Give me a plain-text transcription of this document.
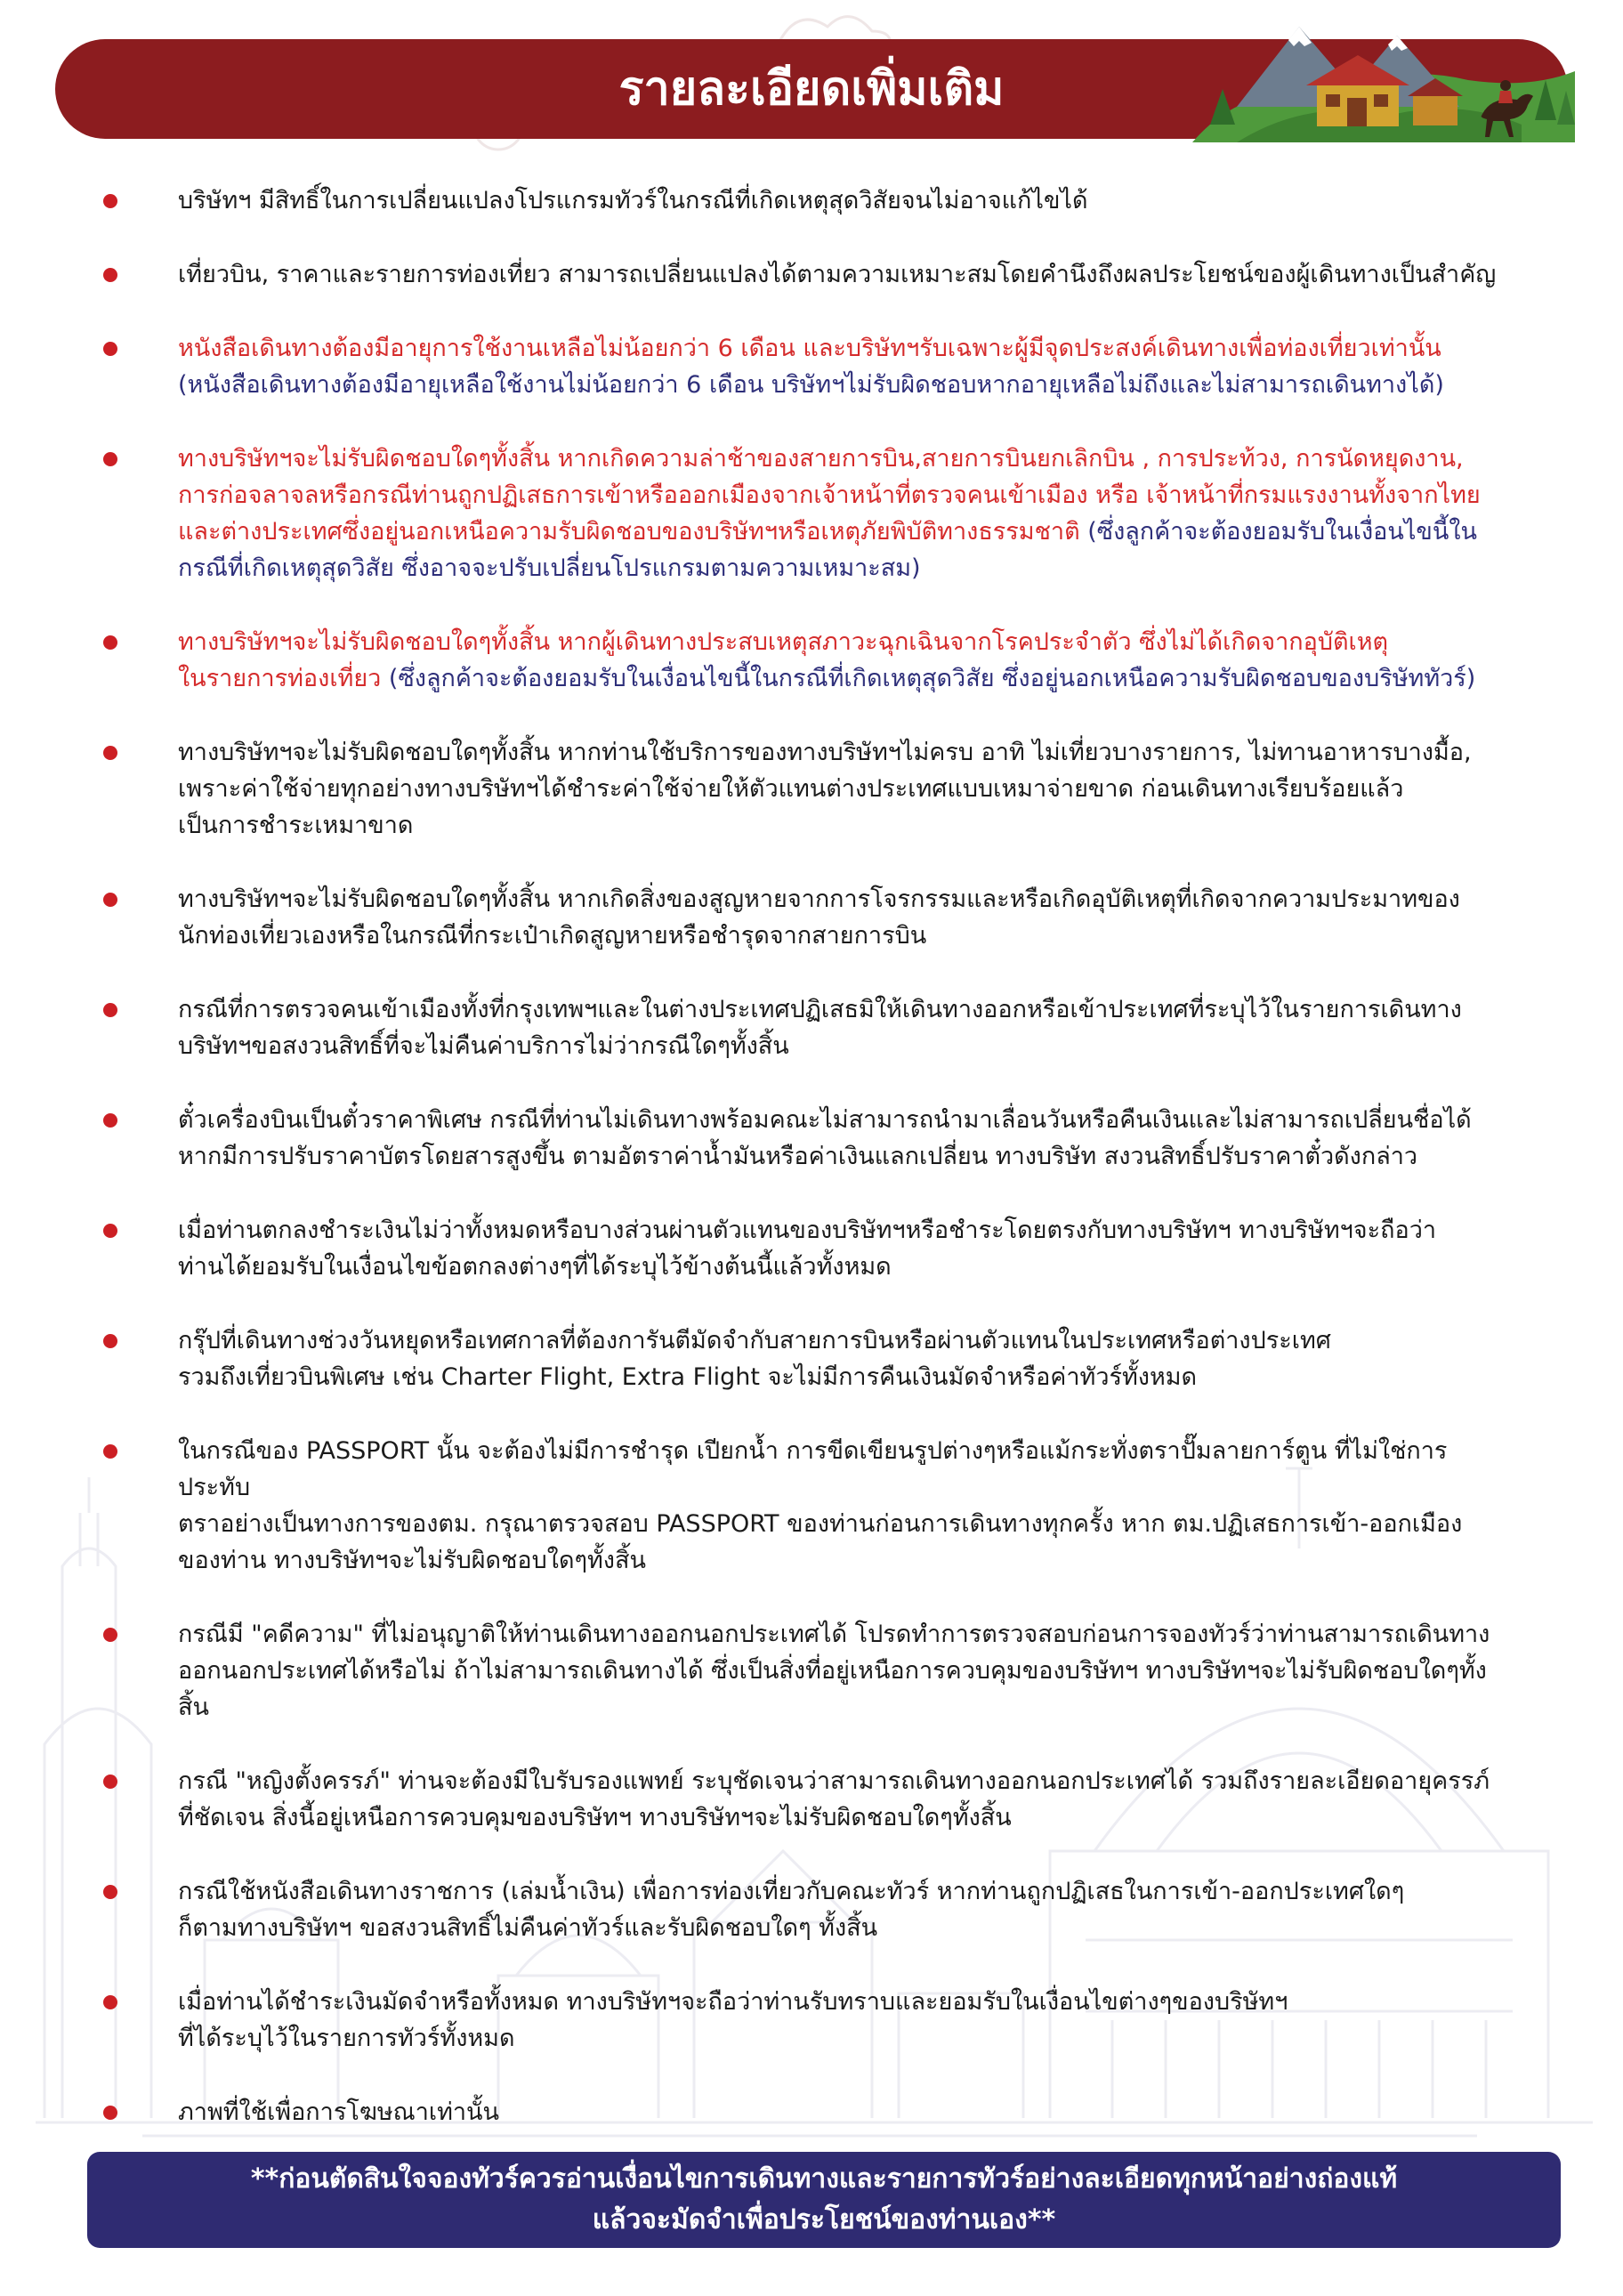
รายละเอียดเพิ่มเติม
บริษัทฯ มีสิทธิ์ในการเปลี่ยนแปลงโปรแกรมทัวร์ในกรณีที่เกิดเหตุสุดวิสัยจนไม่อาจแก้ไขได้
เที่ยวบิน, ราคาและรายการท่องเที่ยว สามารถเปลี่ยนแปลงได้ตามความเหมาะสมโดยคำนึงถึงผลประโยชน์ของผู้เดินทางเป็นสำคัญ
หนังสือเดินทางต้องมีอายุการใช้งานเหลือไม่น้อยกว่า 6 เดือน และบริษัทฯรับเฉพาะผู้มีจุดประสงค์เดินทางเพื่อท่องเที่ยวเท่านั้น
(หนังสือเดินทางต้องมีอายุเหลือใช้งานไม่น้อยกว่า 6 เดือน บริษัทฯไม่รับผิดชอบหากอายุเหลือไม่ถึงและไม่สามารถเดินทางได้)
ทางบริษัทฯจะไม่รับผิดชอบใดๆทั้งสิ้น หากเกิดความล่าช้าของสายการบิน,สายการบินยกเลิกบิน , การประท้วง, การนัดหยุดงาน,
การก่อจลาจลหรือกรณีท่านถูกปฏิเสธการเข้าหรือออกเมืองจากเจ้าหน้าที่ตรวจคนเข้าเมือง หรือ เจ้าหน้าที่กรมแรงงานทั้งจากไทย
และต่างประเทศซึ่งอยู่นอกเหนือความรับผิดชอบของบริษัทฯหรือเหตุภัยพิบัติทางธรรมชาติ (ซึ่งลูกค้าจะต้องยอมรับในเงื่อนไขนี้ใน
กรณีที่เกิดเหตุสุดวิสัย ซึ่งอาจจะปรับเปลี่ยนโปรแกรมตามความเหมาะสม)
ทางบริษัทฯจะไม่รับผิดชอบใดๆทั้งสิ้น หากผู้เดินทางประสบเหตุสภาวะฉุกเฉินจากโรคประจำตัว ซึ่งไม่ได้เกิดจากอุบัติเหตุ
ในรายการท่องเที่ยว (ซึ่งลูกค้าจะต้องยอมรับในเงื่อนไขนี้ในกรณีที่เกิดเหตุสุดวิสัย ซึ่งอยู่นอกเหนือความรับผิดชอบของบริษัททัวร์)
ทางบริษัทฯจะไม่รับผิดชอบใดๆทั้งสิ้น หากท่านใช้บริการของทางบริษัทฯไม่ครบ อาทิ ไม่เที่ยวบางรายการ, ไม่ทานอาหารบางมื้อ,
เพราะค่าใช้จ่ายทุกอย่างทางบริษัทฯได้ชำระค่าใช้จ่ายให้ตัวแทนต่างประเทศแบบเหมาจ่ายขาด ก่อนเดินทางเรียบร้อยแล้ว
เป็นการชำระเหมาขาด
ทางบริษัทฯจะไม่รับผิดชอบใดๆทั้งสิ้น หากเกิดสิ่งของสูญหายจากการโจรกรรมและหรือเกิดอุบัติเหตุที่เกิดจากความประมาทของ
นักท่องเที่ยวเองหรือในกรณีที่กระเป๋าเกิดสูญหายหรือชำรุดจากสายการบิน
กรณีที่การตรวจคนเข้าเมืองทั้งที่กรุงเทพฯและในต่างประเทศปฏิเสธมิให้เดินทางออกหรือเข้าประเทศที่ระบุไว้ในรายการเดินทาง
บริษัทฯขอสงวนสิทธิ์ที่จะไม่คืนค่าบริการไม่ว่ากรณีใดๆทั้งสิ้น
ตั๋วเครื่องบินเป็นตั๋วราคาพิเศษ กรณีที่ท่านไม่เดินทางพร้อมคณะไม่สามารถนำมาเลื่อนวันหรือคืนเงินและไม่สามารถเปลี่ยนชื่อได้
หากมีการปรับราคาบัตรโดยสารสูงขึ้น ตามอัตราค่าน้ำมันหรือค่าเงินแลกเปลี่ยน ทางบริษัท สงวนสิทธิ์ปรับราคาตั๋วดังกล่าว
เมื่อท่านตกลงชำระเงินไม่ว่าทั้งหมดหรือบางส่วนผ่านตัวแทนของบริษัทฯหรือชำระโดยตรงกับทางบริษัทฯ ทางบริษัทฯจะถือว่า
ท่านได้ยอมรับในเงื่อนไขข้อตกลงต่างๆที่ได้ระบุไว้ข้างต้นนี้แล้วทั้งหมด
กรุ๊ปที่เดินทางช่วงวันหยุดหรือเทศกาลที่ต้องการันตีมัดจำกับสายการบินหรือผ่านตัวแทนในประเทศหรือต่างประเทศ
รวมถึงเที่ยวบินพิเศษ เช่น Charter Flight, Extra Flight จะไม่มีการคืนเงินมัดจำหรือค่าทัวร์ทั้งหมด
ในกรณีของ PASSPORT นั้น จะต้องไม่มีการชำรุด เปียกน้ำ การขีดเขียนรูปต่างๆหรือแม้กระทั่งตราปั๊มลายการ์ตูน ที่ไม่ใช่การประทับ
ตราอย่างเป็นทางการของตม. กรุณาตรวจสอบ PASSPORT ของท่านก่อนการเดินทางทุกครั้ง หาก ตม.ปฏิเสธการเข้า-ออกเมือง
ของท่าน ทางบริษัทฯจะไม่รับผิดชอบใดๆทั้งสิ้น
กรณีมี "คดีความ" ที่ไม่อนุญาติให้ท่านเดินทางออกนอกประเทศได้ โปรดทำการตรวจสอบก่อนการจองทัวร์ว่าท่านสามารถเดินทาง
ออกนอกประเทศได้หรือไม่ ถ้าไม่สามารถเดินทางได้ ซึ่งเป็นสิ่งที่อยู่เหนือการควบคุมของบริษัทฯ ทางบริษัทฯจะไม่รับผิดชอบใดๆทั้งสิ้น
กรณี "หญิงตั้งครรภ์" ท่านจะต้องมีใบรับรองแพทย์ ระบุชัดเจนว่าสามารถเดินทางออกนอกประเทศได้ รวมถึงรายละเอียดอายุครรภ์
ที่ชัดเจน สิ่งนี้อยู่เหนือการควบคุมของบริษัทฯ ทางบริษัทฯจะไม่รับผิดชอบใดๆทั้งสิ้น
กรณีใช้หนังสือเดินทางราชการ (เล่มน้ำเงิน) เพื่อการท่องเที่ยวกับคณะทัวร์ หากท่านถูกปฏิเสธในการเข้า-ออกประเทศใดๆ
ก็ตามทางบริษัทฯ ขอสงวนสิทธิ์ไม่คืนค่าทัวร์และรับผิดชอบใดๆ ทั้งสิ้น
เมื่อท่านได้ชำระเงินมัดจำหรือทั้งหมด ทางบริษัทฯจะถือว่าท่านรับทราบและยอมรับในเงื่อนไขต่างๆของบริษัทฯ
ที่ได้ระบุไว้ในรายการทัวร์ทั้งหมด
ภาพที่ใช้เพื่อการโฆษณาเท่านั้น
**ก่อนตัดสินใจจองทัวร์ควรอ่านเงื่อนไขการเดินทางและรายการทัวร์อย่างละเอียดทุกหน้าอย่างถ่องแท้
แล้วจะมัดจำเพื่อประโยชน์ของท่านเอง**
